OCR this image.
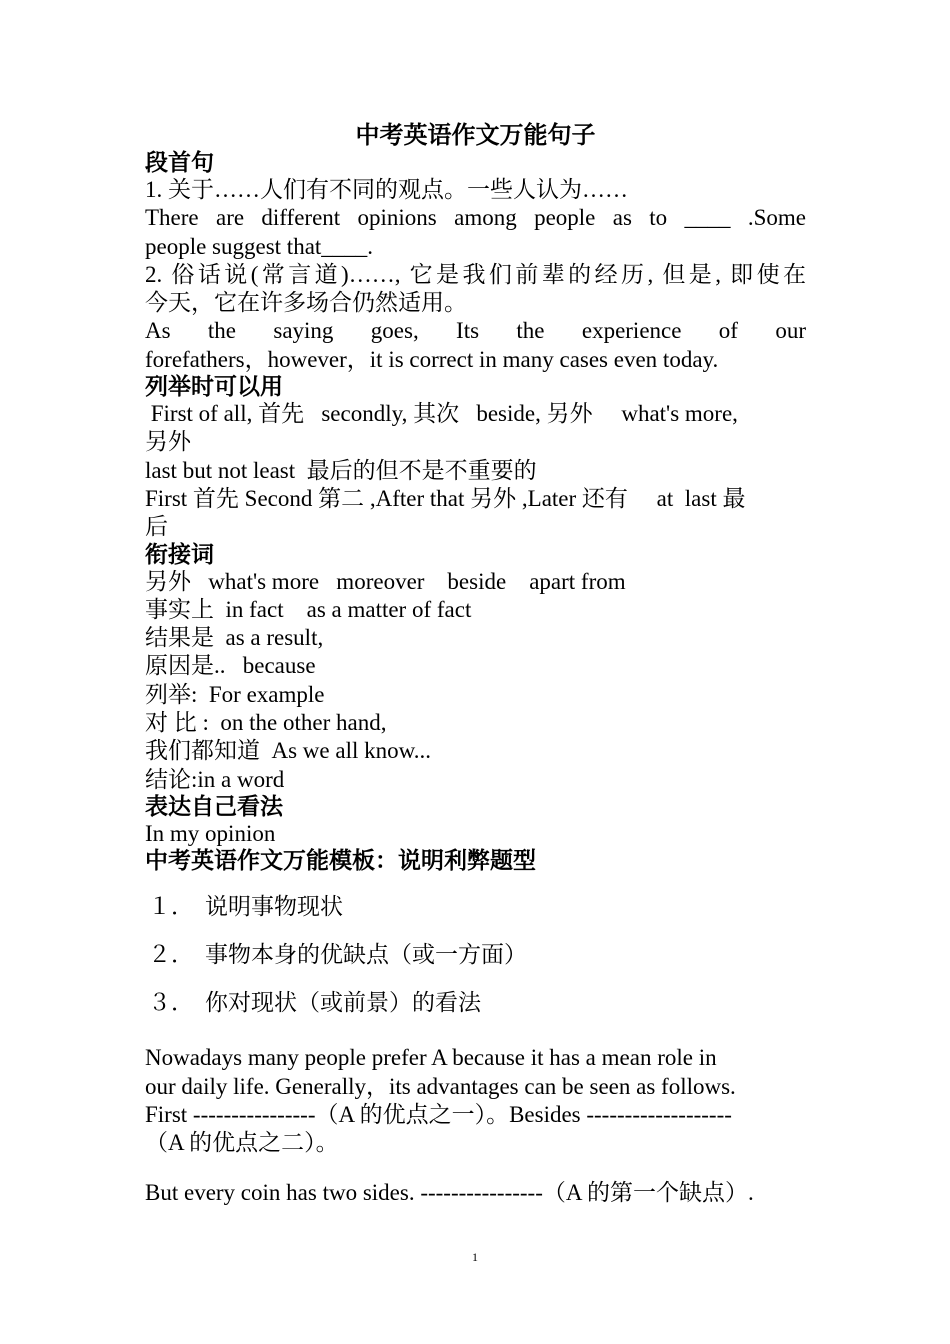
中考英语作文万能句子

段首句

1. 关于……人们有不同的观点。一些人认为……

There are different opinions among people as to ____ .Some

people suggest that____.

2. 俗话说(常言道)……, 它是我们前辈的经历, 但是, 即使在

今天，它在许多场合仍然适用。

As the saying goes, Its the experience of our

forefathers，however，it is correct in many cases even today.

列举时可以用

First of all, 首先   secondly, 其次   beside, 另外     what's more,

另外

last but not least  最后的但不是不重要的

First 首先 Second 第二 ,After that 另外 ,Later 还有     at  last 最

后

衔接词

另外   what's more   moreover    beside    apart from

事实上  in fact    as a matter of fact

结果是  as a result,

原因是..   because

列举:  For example

对 比 :  on the other hand,

我们都知道  As we all know...

结论:in a word

表达自己看法

In my opinion

中考英语作文万能模板：说明利弊题型

１． 说明事物现状

２． 事物本身的优缺点（或一方面）

３． 你对现状（或前景）的看法

Nowadays many people prefer A because it has a mean role in

our daily life. Generally，its advantages can be seen as follows.

First ----------------（A 的优点之一）。Besides -------------------

（A 的优点之二）。

But every coin has two sides. ----------------（A 的第一个缺点）.

1
